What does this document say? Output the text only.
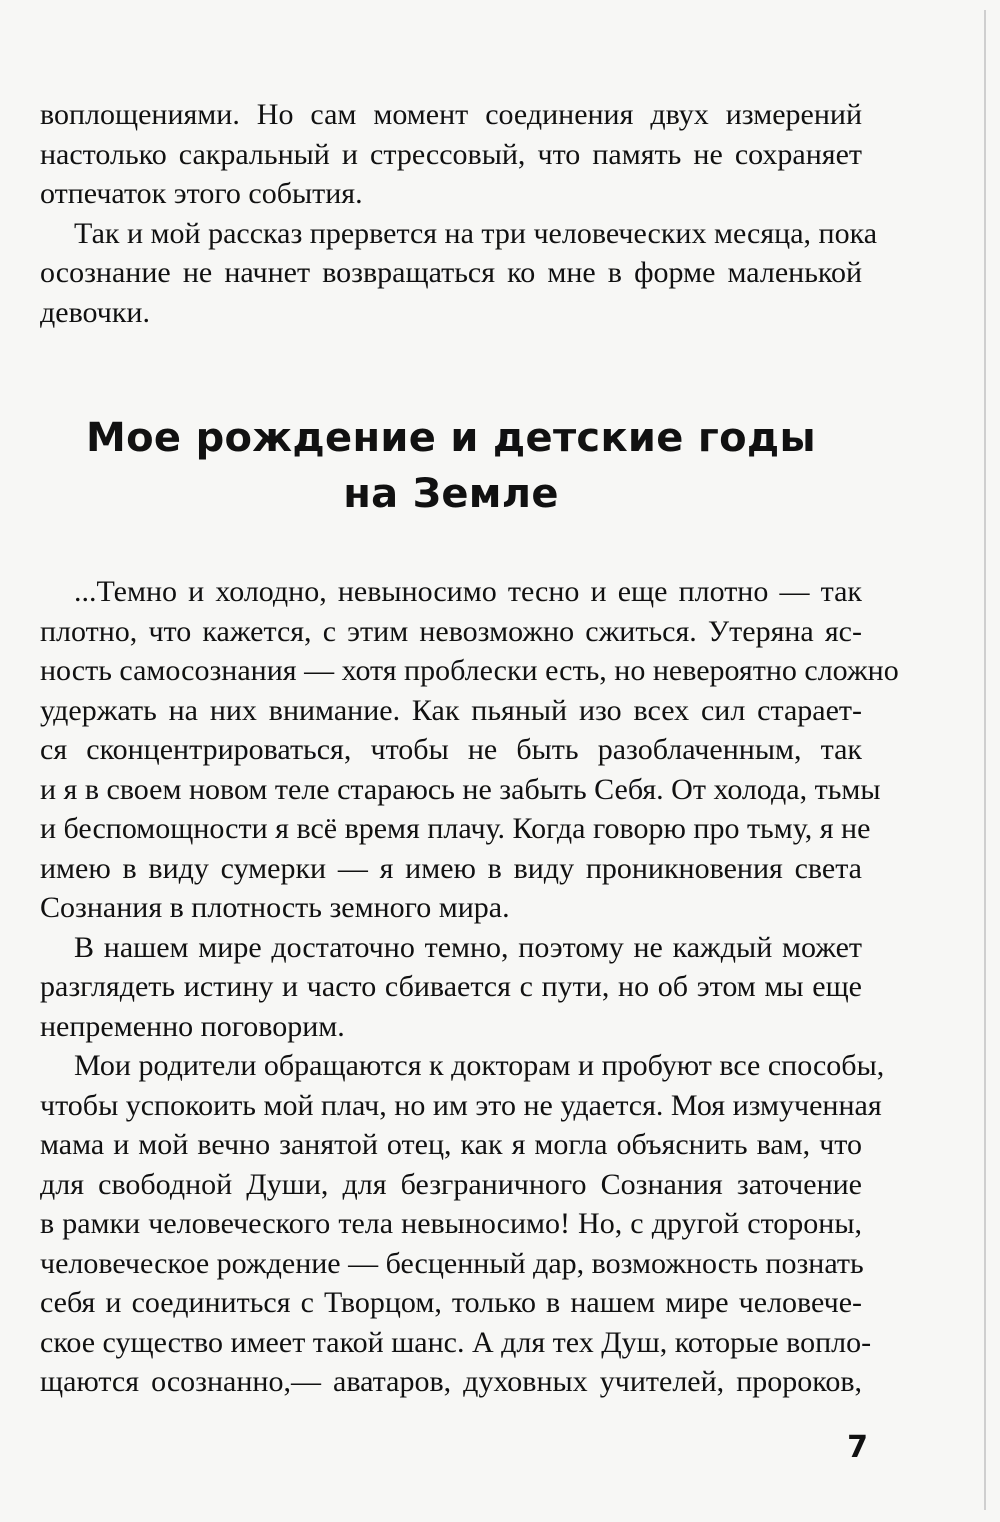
воплощениями. Но сам момент соединения двух измерений
настолько сакральный и стрессовый, что память не сохраняет
отпечаток этого события.
Так и мой рассказ прервется на три человеческих месяца, пока
осознание не начнет возвращаться ко мне в форме маленькой
девочки.
Мое рождение и детские годы
на Земле
...Темно и холодно, невыносимо тесно и еще плотно — так
плотно, что кажется, с этим невозможно сжиться. Утеряна яс-
ность самосознания — хотя проблески есть, но невероятно сложно
удержать на них внимание. Как пьяный изо всех сил старает-
ся сконцентрироваться, чтобы не быть разоблаченным, так
и я в своем новом теле стараюсь не забыть Себя. От холода, тьмы
и беспомощности я всё время плачу. Когда говорю про тьму, я не
имею в виду сумерки — я имею в виду проникновения света
Сознания в плотность земного мира.
В нашем мире достаточно темно, поэтому не каждый может
разглядеть истину и часто сбивается с пути, но об этом мы еще
непременно поговорим.
Мои родители обращаются к докторам и пробуют все способы,
чтобы успокоить мой плач, но им это не удается. Моя измученная
мама и мой вечно занятой отец, как я могла объяснить вам, что
для свободной Души, для безграничного Сознания заточение
в рамки человеческого тела невыносимо! Но, с другой стороны,
человеческое рождение — бесценный дар, возможность познать
себя и соединиться с Творцом, только в нашем мире человече-
ское существо имеет такой шанс. А для тех Душ, которые вопло-
щаются осознанно,— аватаров, духовных учителей, пророков,
7
